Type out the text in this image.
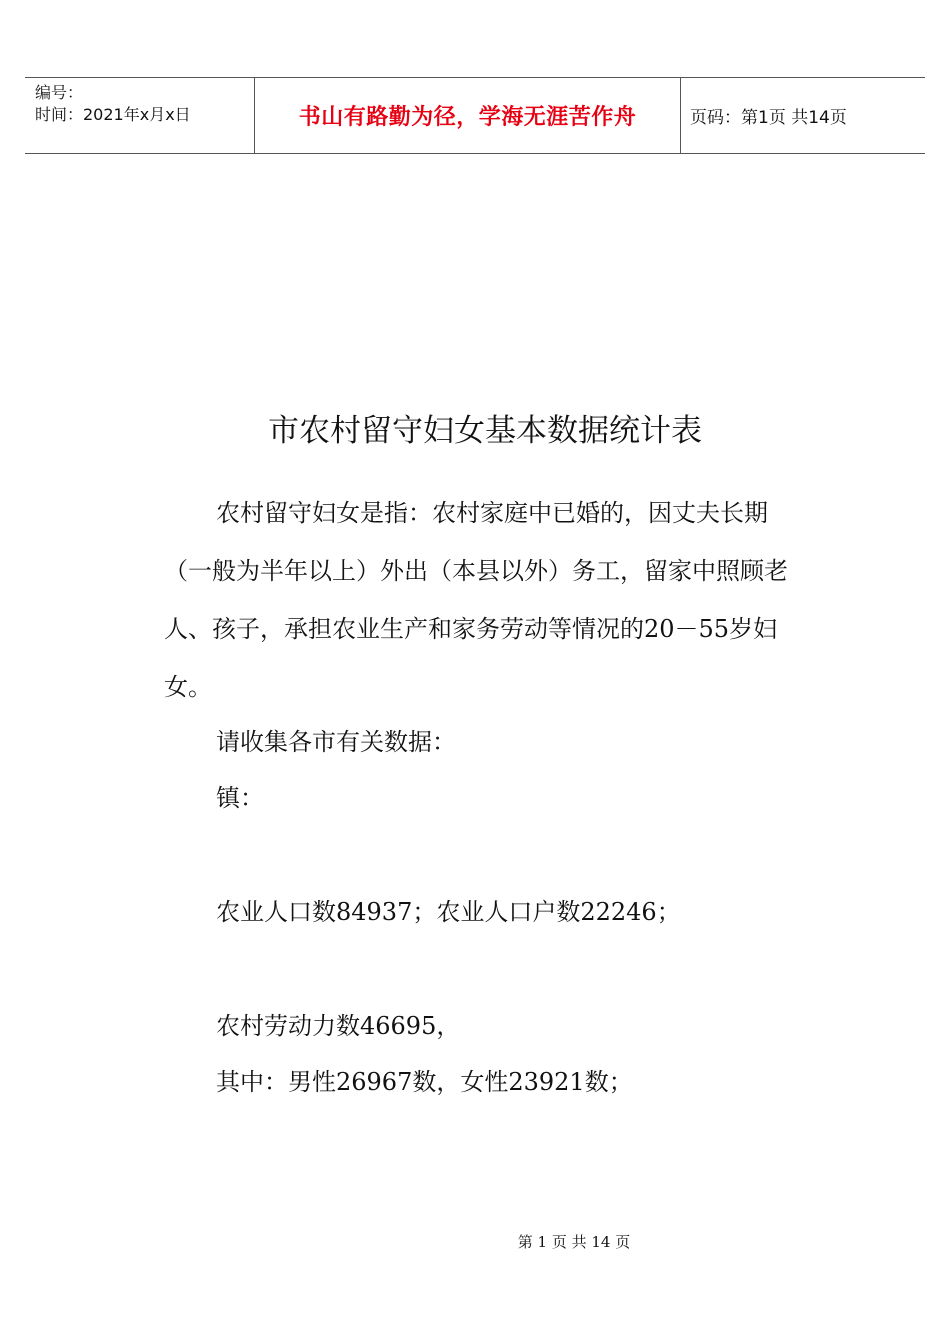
编号：
时间：2021年x月x日	书山有路勤为径，学海无涯苦作舟	页码：第1页 共14页
市农村留守妇女基本数据统计表

农村留守妇女是指：农村家庭中已婚的，因丈夫长期（一般为半年以上）外出（本县以外）务工，留家中照顾老人、孩子，承担农业生产和家务劳动等情况的20－55岁妇女。

请收集各市有关数据：
镇：
农业人口数84937；农业人口户数22246；
农村劳动力数46695，
其中：男性26967数，女性23921数；
第 1 页 共 14 页
